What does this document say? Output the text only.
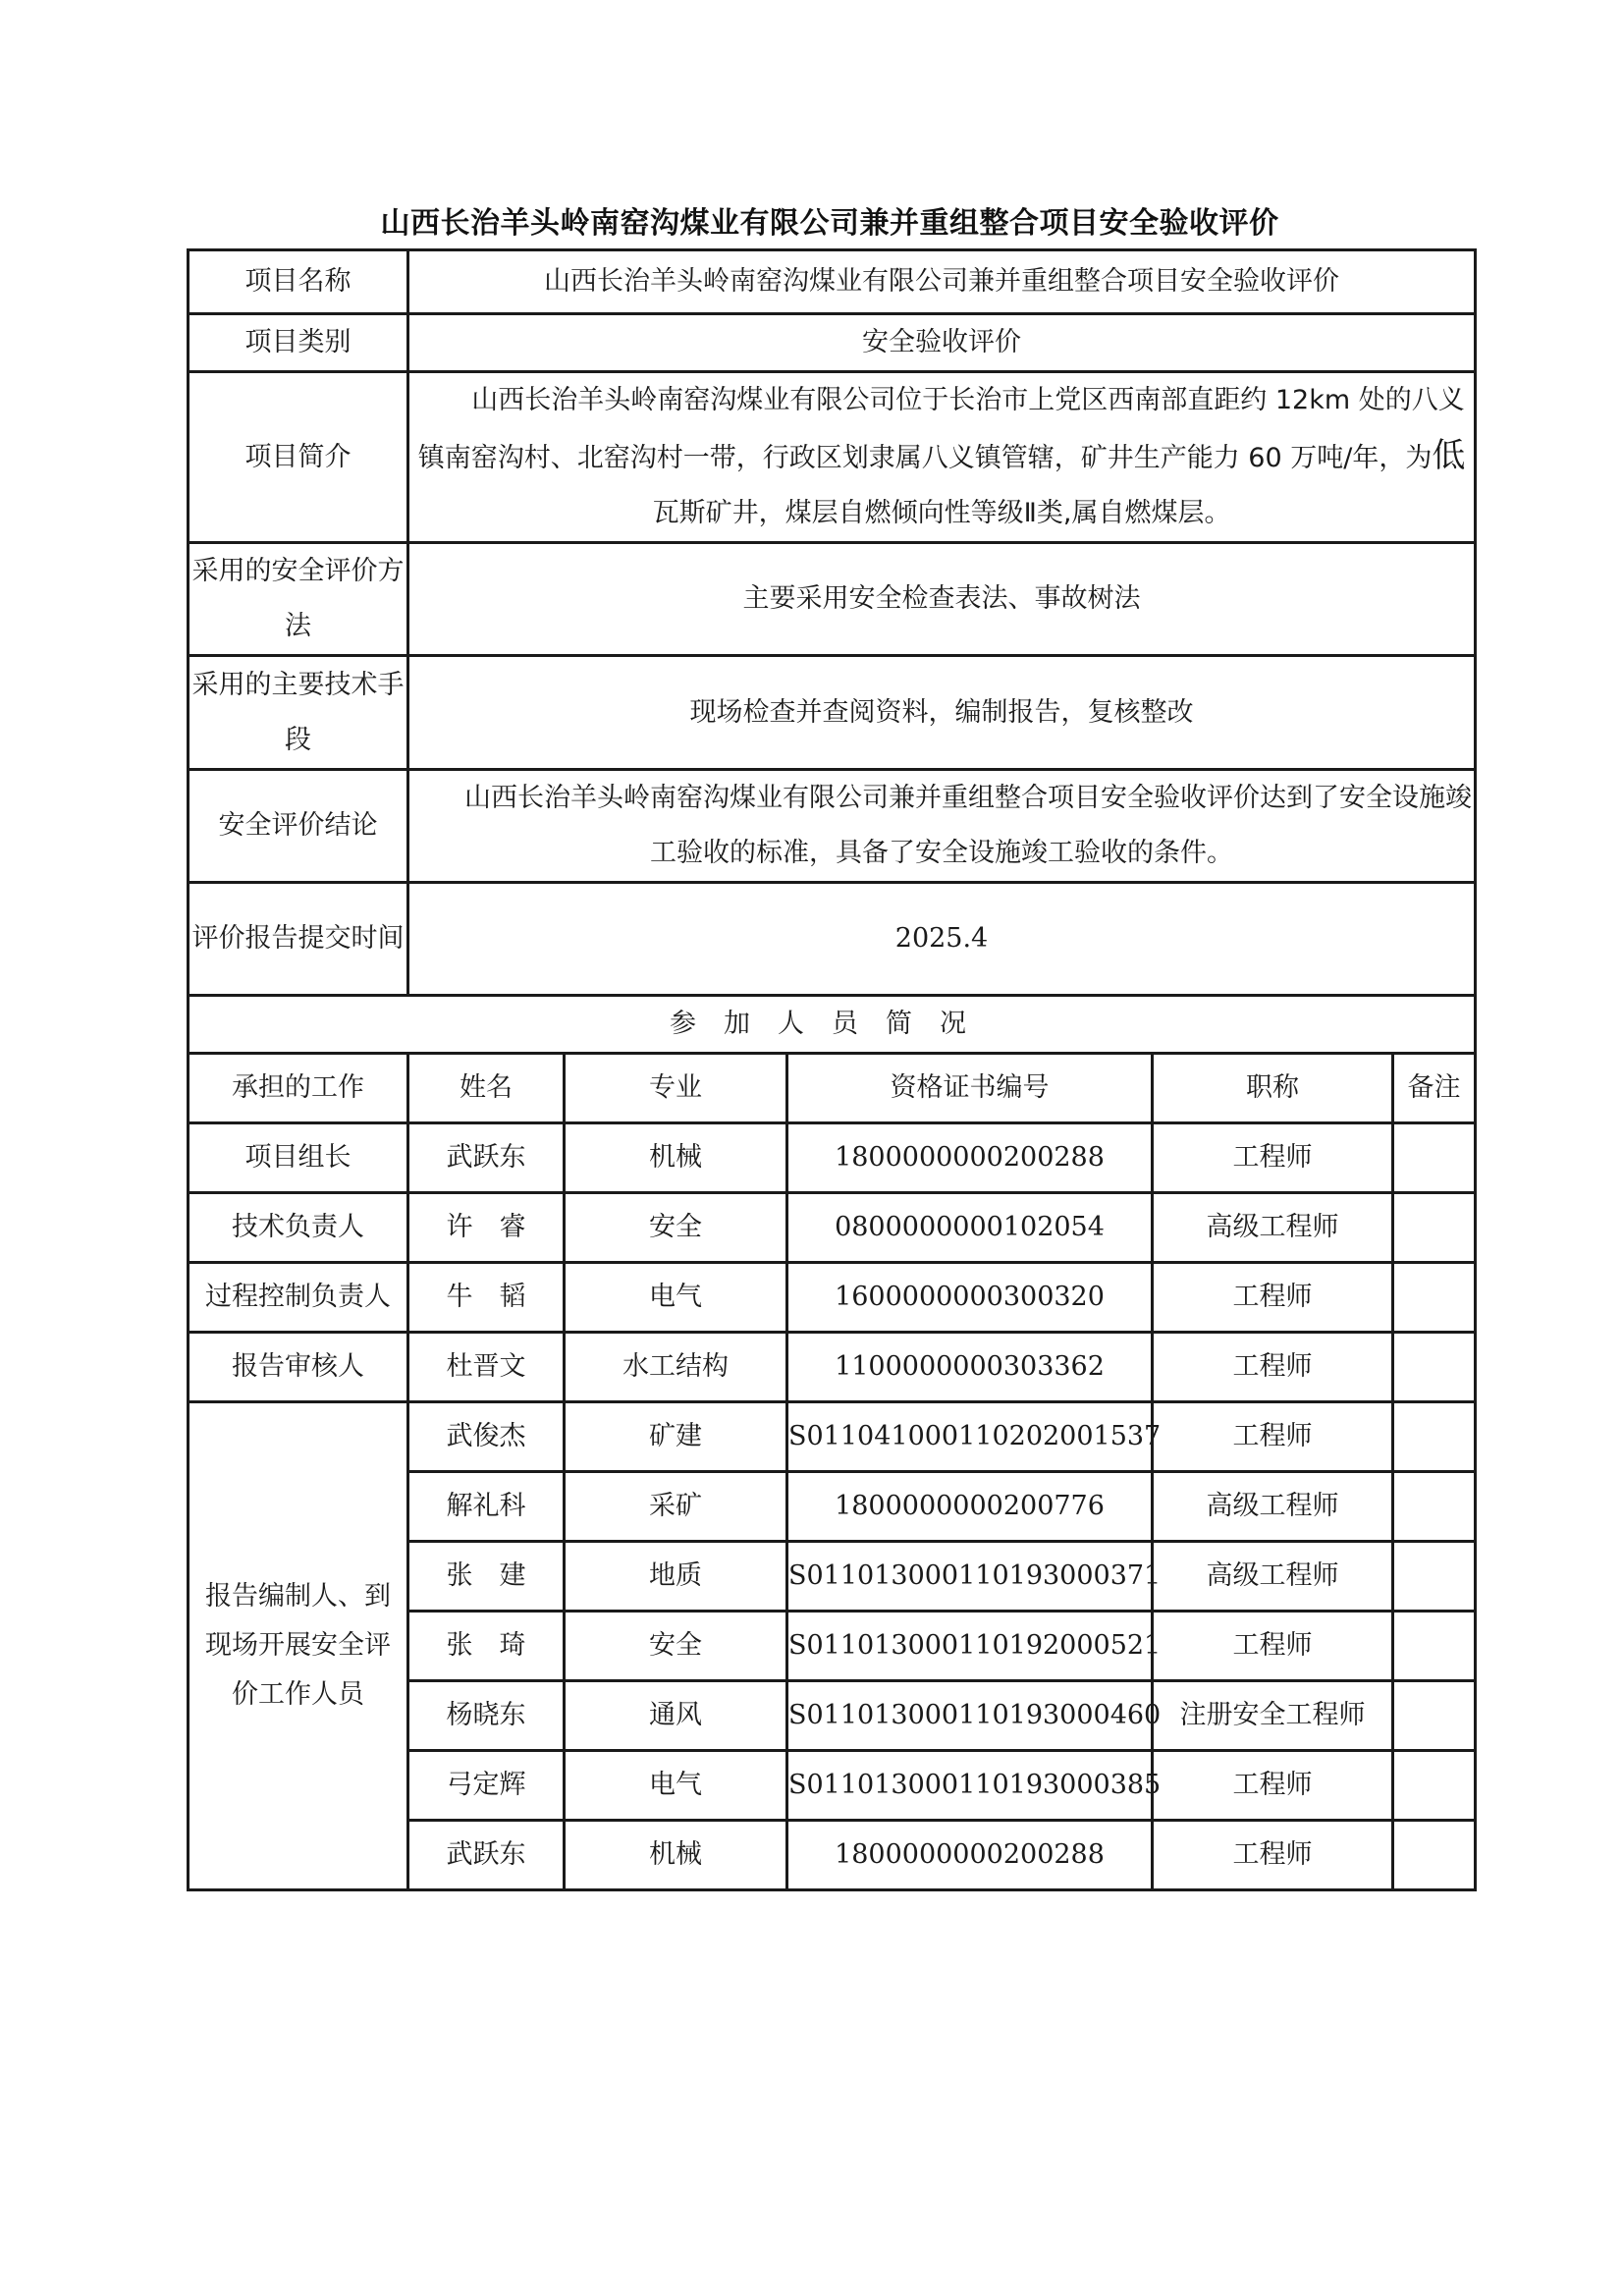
山西长治羊头岭南窑沟煤业有限公司兼并重组整合项目安全验收评价
项目名称	山西长治羊头岭南窑沟煤业有限公司兼并重组整合项目安全验收评价				
项目类别	安全验收评价				
项目简介	山西长治羊头岭南窑沟煤业有限公司位于长治市上党区西南部直距约 12km 处的八义镇南窑沟村、北窑沟村一带，行政区划隶属八义镇管辖，矿井生产能力 60 万吨/年，为低瓦斯矿井，煤层自燃倾向性等级Ⅱ类,属自燃煤层。				
采用的安全评价方法	主要采用安全检查表法、事故树法				
采用的主要技术手段	现场检查并查阅资料，编制报告，复核整改				
安全评价结论	山西长治羊头岭南窑沟煤业有限公司兼并重组整合项目安全验收评价达到了安全设施竣工验收的标准，具备了安全设施竣工验收的条件。				
评价报告提交时间	2025.4				
参加人员简况					
承担的工作	姓名	专业	资格证书编号	职称	备注
项目组长	武跃东	机械	1800000000200288	工程师	
技术负责人	许　睿	安全	0800000000102054	高级工程师	
过程控制负责人	牛　韬	电气	1600000000300320	工程师	
报告审核人	杜晋文	水工结构	1100000000303362	工程师	
报告编制人、到现场开展安全评价工作人员	武俊杰	矿建	S011041000110202001537	工程师	
	解礼科	采矿	1800000000200776	高级工程师	
	张　建	地质	S011013000110193000371	高级工程师	
	张　琦	安全	S011013000110192000521	工程师	
	杨晓东	通风	S011013000110193000460	注册安全工程师	
	弓定辉	电气	S011013000110193000385	工程师	
	武跃东	机械	1800000000200288	工程师	
